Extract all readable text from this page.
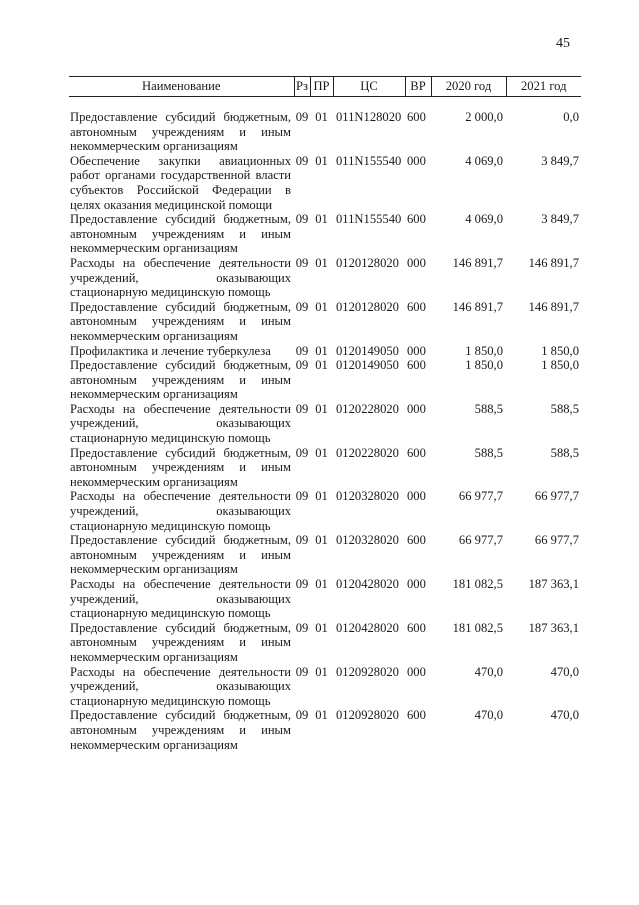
45
Наименование	Рз	ПР	ЦС	ВР	2020 год	2021 год
Предоставление субсидий бюджетным, автономным учреждениям и иным некоммерческим организациям	09	01	011N128020	600	2 000,0	0,0
Обеспечение закупки авиационных работ органами государственной власти субъектов Российской Федерации в целях оказания медицинской помощи	09	01	011N155540	000	4 069,0	3 849,7
Предоставление субсидий бюджетным, автономным учреждениям и иным некоммерческим организациям	09	01	011N155540	600	4 069,0	3 849,7
Расходы на обеспечение деятельности учреждений, оказывающих стационарную медицинскую помощь	09	01	0120128020	000	146 891,7	146 891,7
Предоставление субсидий бюджетным, автономным учреждениям и иным некоммерческим организациям	09	01	0120128020	600	146 891,7	146 891,7
Профилактика и лечение туберкулеза	09	01	0120149050	000	1 850,0	1 850,0
Предоставление субсидий бюджетным, автономным учреждениям и иным некоммерческим организациям	09	01	0120149050	600	1 850,0	1 850,0
Расходы на обеспечение деятельности учреждений, оказывающих стационарную медицинскую помощь	09	01	0120228020	000	588,5	588,5
Предоставление субсидий бюджетным, автономным учреждениям и иным некоммерческим организациям	09	01	0120228020	600	588,5	588,5
Расходы на обеспечение деятельности учреждений, оказывающих стационарную медицинскую помощь	09	01	0120328020	000	66 977,7	66 977,7
Предоставление субсидий бюджетным, автономным учреждениям и иным некоммерческим организациям	09	01	0120328020	600	66 977,7	66 977,7
Расходы на обеспечение деятельности учреждений, оказывающих стационарную медицинскую помощь	09	01	0120428020	000	181 082,5	187 363,1
Предоставление субсидий бюджетным, автономным учреждениям и иным некоммерческим организациям	09	01	0120428020	600	181 082,5	187 363,1
Расходы на обеспечение деятельности учреждений, оказывающих стационарную медицинскую помощь	09	01	0120928020	000	470,0	470,0
Предоставление субсидий бюджетным, автономным учреждениям и иным некоммерческим организациям	09	01	0120928020	600	470,0	470,0
